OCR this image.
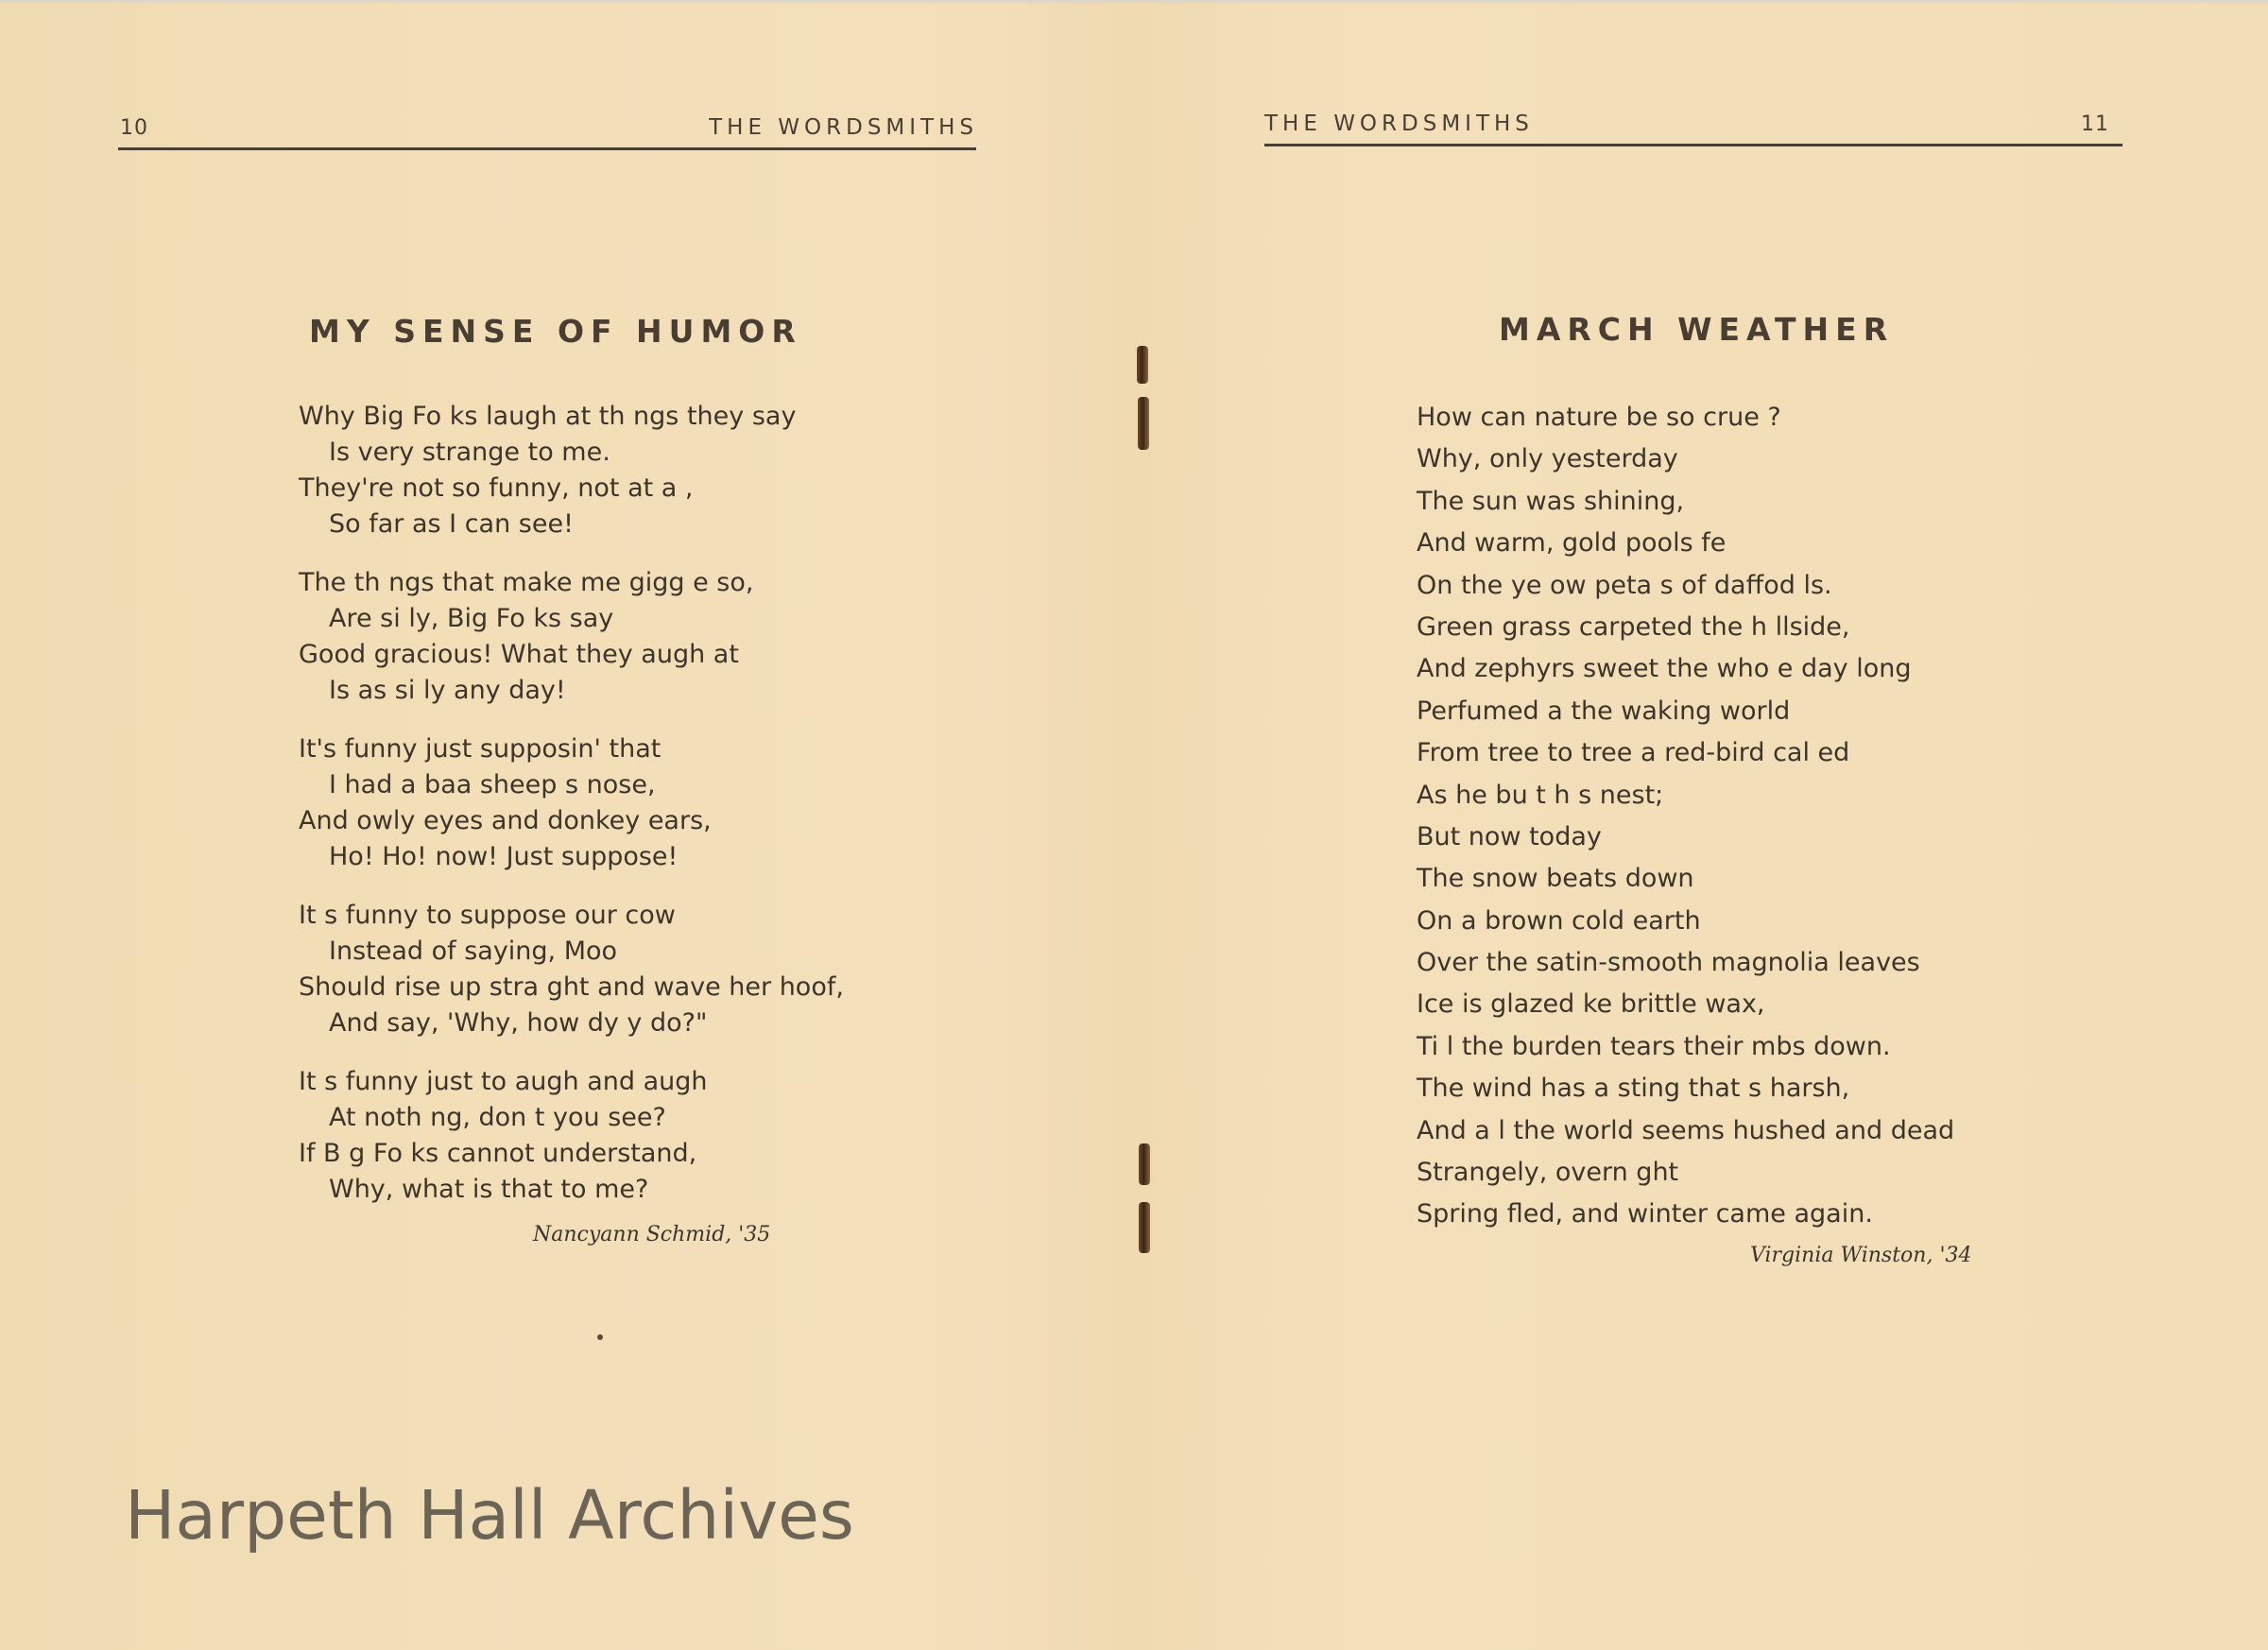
10	THE WORDSMITHS
MY SENSE OF HUMOR
Why Big Fo ks laugh at th ngs they say
Is very strange to me.
They're not so funny, not at a ,
So far as I can see!
The th ngs that make me gigg e so,
Are si ly, Big Fo ks say
Good gracious! What they augh at
Is as si ly any day!
It's funny just supposin' that
I had a baa sheep s nose,
And owly eyes and donkey ears,
Ho! Ho! now! Just suppose!
It s funny to suppose our cow
Instead of saying, Moo
Should rise up stra ght and wave her hoof,
And say, 'Why, how dy y do?"
It s funny just to augh and augh
At noth ng, don t you see?
If B g Fo ks cannot understand,
Why, what is that to me?
Nancyann Schmid, '35
THE WORDSMITHS	11
MARCH WEATHER
How can nature be so crue ?
Why, only yesterday
The sun was shining,
And warm, gold pools fe
On the ye ow peta s of daffod ls.
Green grass carpeted the h llside,
And zephyrs sweet the who e day long
Perfumed a the waking world
From tree to tree a red-bird cal ed
As he bu t h s nest;
But now today
The snow beats down
On a brown cold earth
Over the satin-smooth magnolia leaves
Ice is glazed ke brittle wax,
Ti l the burden tears their mbs down.
The wind has a sting that s harsh,
And a l the world seems hushed and dead
Strangely, overn ght
Spring fled, and winter came again.
Virginia Winston, '34
Harpeth Hall Archives
